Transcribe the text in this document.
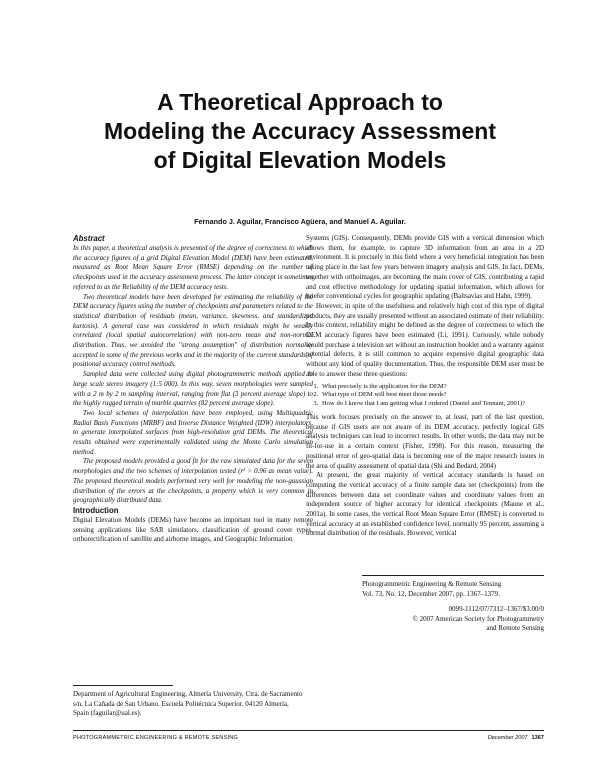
A Theoretical Approach to
Modeling the Accuracy Assessment
of Digital Elevation Models
Fernando J. Aguilar, Francisco Agüera, and Manuel A. Aguilar.

Abstract

In this paper, a theoretical analysis is presented of the degree of correctness to which the accuracy figures of a grid Digital Elevation Model (DEM) have been estimated, measured as Root Mean Square Error (RMSE) depending on the number of checkpoints used in the accuracy assessment process. The latter concept is sometimes referred to as the Reliability of the DEM accuracy tests.

Two theoretical models have been developed for estimating the reliability of the DEM accuracy figures using the number of checkpoints and parameters related to the statistical distribution of residuals (mean, variance, skewness, and standardized kurtosis). A general case was considered in which residuals might be weakly correlated (local spatial autocorrelation) with non-zero mean and non-normal distribution. Thus, we avoided the "strong assumption" of distribution normality accepted in some of the previous works and in the majority of the current standards of positional accuracy control methods.

Sampled data were collected using digital photogrammetric methods applied to large scale stereo imagery (1:5 000). In this way, seven morphologies were sampled with a 2 m by 2 m sampling interval, ranging from flat (3 percent average slope) to the highly rugged terrain of marble quarries (82 percent average slope).

Two local schemes of interpolation have been employed, using Multiquadric Radial Basis Functions (MRBF) and Inverse Distance Weighted (IDW) interpolators, to generate interpolated surfaces from high-resolution grid DEMs. The theoretical results obtained were experimentally validated using the Monte Carlo simulation method.

The proposed models provided a good fit for the raw simulated data for the seven morphologies and the two schemes of interpolation tested (r² > 0.96 as mean value). The proposed theoretical models performed very well for modeling the non-gaussian distribution of the errors at the checkpoints, a property which is very common in geographically distributed data.

Introduction

Digital Elevation Models (DEMs) have become an important tool in many remote sensing applications like SAR simulators, classification of ground cover types, orthorectification of satellite and airborne images, and Geographic Information

Systems (GIS). Consequently, DEMs provide GIS with a vertical dimension which allows them, for example, to capture 3D information from an area in a 2D environment. It is precisely in this field where a very beneficial integration has been taking place in the last few years between imagery analysis and GIS. In fact, DEMs, together with orthoimages, are becoming the main cover of GIS, contributing a rapid and cost effective methodology for updating spatial information, which allows for briefer conventional cycles for geographic updating (Baltsavias and Hahn, 1999).

However, in spite of the usefulness and relatively high cost of this type of digital products, they are usually presented without an associated estimate of their reliability. In this context, reliability might be defined as the degree of correctness to which the DEM accuracy figures have been estimated (Li, 1991). Curiously, while nobody would purchase a television set without an instruction booklet and a warranty against potential defects, it is still common to acquire expensive digital geographic data without any kind of quality documentation. Thus, the responsible DEM user must be able to answer these three questions:

1. What precisely is the application for the DEM?
2. What type of DEM will best meet those needs?
3. How do I know that I am getting what I ordered (Daniel and Tennant, 2001)?

This work focuses precisely on the answer to, at least, part of the last question, because if GIS users are not aware of its DEM accuracy, perfectly logical GIS analysis techniques can lead to incorrect results. In other words, the data may not be fit-for-use in a certain context (Fisher, 1998). For this reason, measuring the positional error of geo-spatial data is becoming one of the major research issues in the area of quality assessment of spatial data (Shi and Bedard, 2004)

At present, the great majority of vertical accuracy standards is based on computing the vertical accuracy of a finite sample data set (checkpoints) from the differences between data set coordinate values and coordinate values from an independent source of higher accuracy for identical checkpoints (Maune et al., 2001a). In some cases, the vertical Root Mean Square Error (RMSE) is converted to vertical accuracy at an established confidence level, normally 95 percent, assuming a normal distribution of the residuals. However, vertical

Photogrammetric Engineering & Remote Sensing
Vol. 73, No. 12, December 2007, pp. 1367–1379.
0099-1112/07/7312–1367/$3.00/0
© 2007 American Society for Photogrammetry
and Remote Sensing
Department of Agricultural Engineering, Almería University, Ctra. de Sacramento s/n, La Cañada de San Urbano. Escuela Politécnica Superior. 04120 Almería, Spain (faguilar@ual.es).
PHOTOGRAMMETRIC ENGINEERING & REMOTE SENSING	December 2007 1367
